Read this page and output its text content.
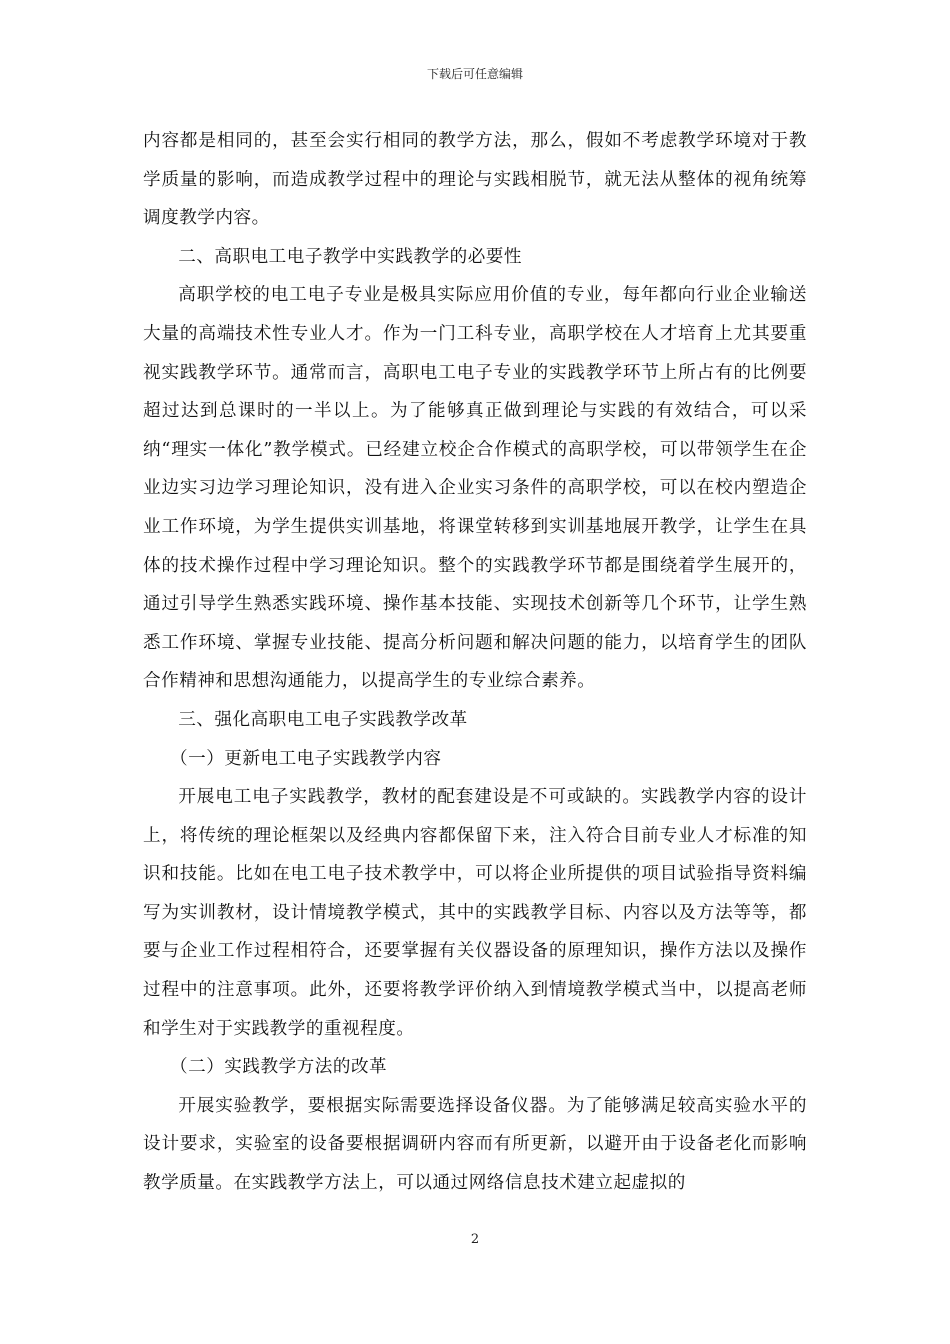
下载后可任意编辑

内容都是相同的，甚至会实行相同的教学方法，那么，假如不考虑教学环境对于教学质量的影响，而造成教学过程中的理论与实践相脱节，就无法从整体的视角统筹调度教学内容。

二、高职电工电子教学中实践教学的必要性

高职学校的电工电子专业是极具实际应用价值的专业，每年都向行业企业输送大量的高端技术性专业人才。作为一门工科专业，高职学校在人才培育上尤其要重视实践教学环节。通常而言，高职电工电子专业的实践教学环节上所占有的比例要超过达到总课时的一半以上。为了能够真正做到理论与实践的有效结合，可以采纳“理实一体化”教学模式。已经建立校企合作模式的高职学校，可以带领学生在企业边实习边学习理论知识，没有进入企业实习条件的高职学校，可以在校内塑造企业工作环境，为学生提供实训基地，将课堂转移到实训基地展开教学，让学生在具体的技术操作过程中学习理论知识。整个的实践教学环节都是围绕着学生展开的，通过引导学生熟悉实践环境、操作基本技能、实现技术创新等几个环节，让学生熟悉工作环境、掌握专业技能、提高分析问题和解决问题的能力，以培育学生的团队合作精神和思想沟通能力，以提高学生的专业综合素养。

三、强化高职电工电子实践教学改革

（一）更新电工电子实践教学内容

开展电工电子实践教学，教材的配套建设是不可或缺的。实践教学内容的设计上，将传统的理论框架以及经典内容都保留下来，注入符合目前专业人才标准的知识和技能。比如在电工电子技术教学中，可以将企业所提供的项目试验指导资料编写为实训教材，设计情境教学模式，其中的实践教学目标、内容以及方法等等，都要与企业工作过程相符合，还要掌握有关仪器设备的原理知识，操作方法以及操作过程中的注意事项。此外，还要将教学评价纳入到情境教学模式当中，以提高老师和学生对于实践教学的重视程度。

（二）实践教学方法的改革

开展实验教学，要根据实际需要选择设备仪器。为了能够满足较高实验水平的设计要求，实验室的设备要根据调研内容而有所更新，以避开由于设备老化而影响教学质量。在实践教学方法上，可以通过网络信息技术建立起虚拟的

2
